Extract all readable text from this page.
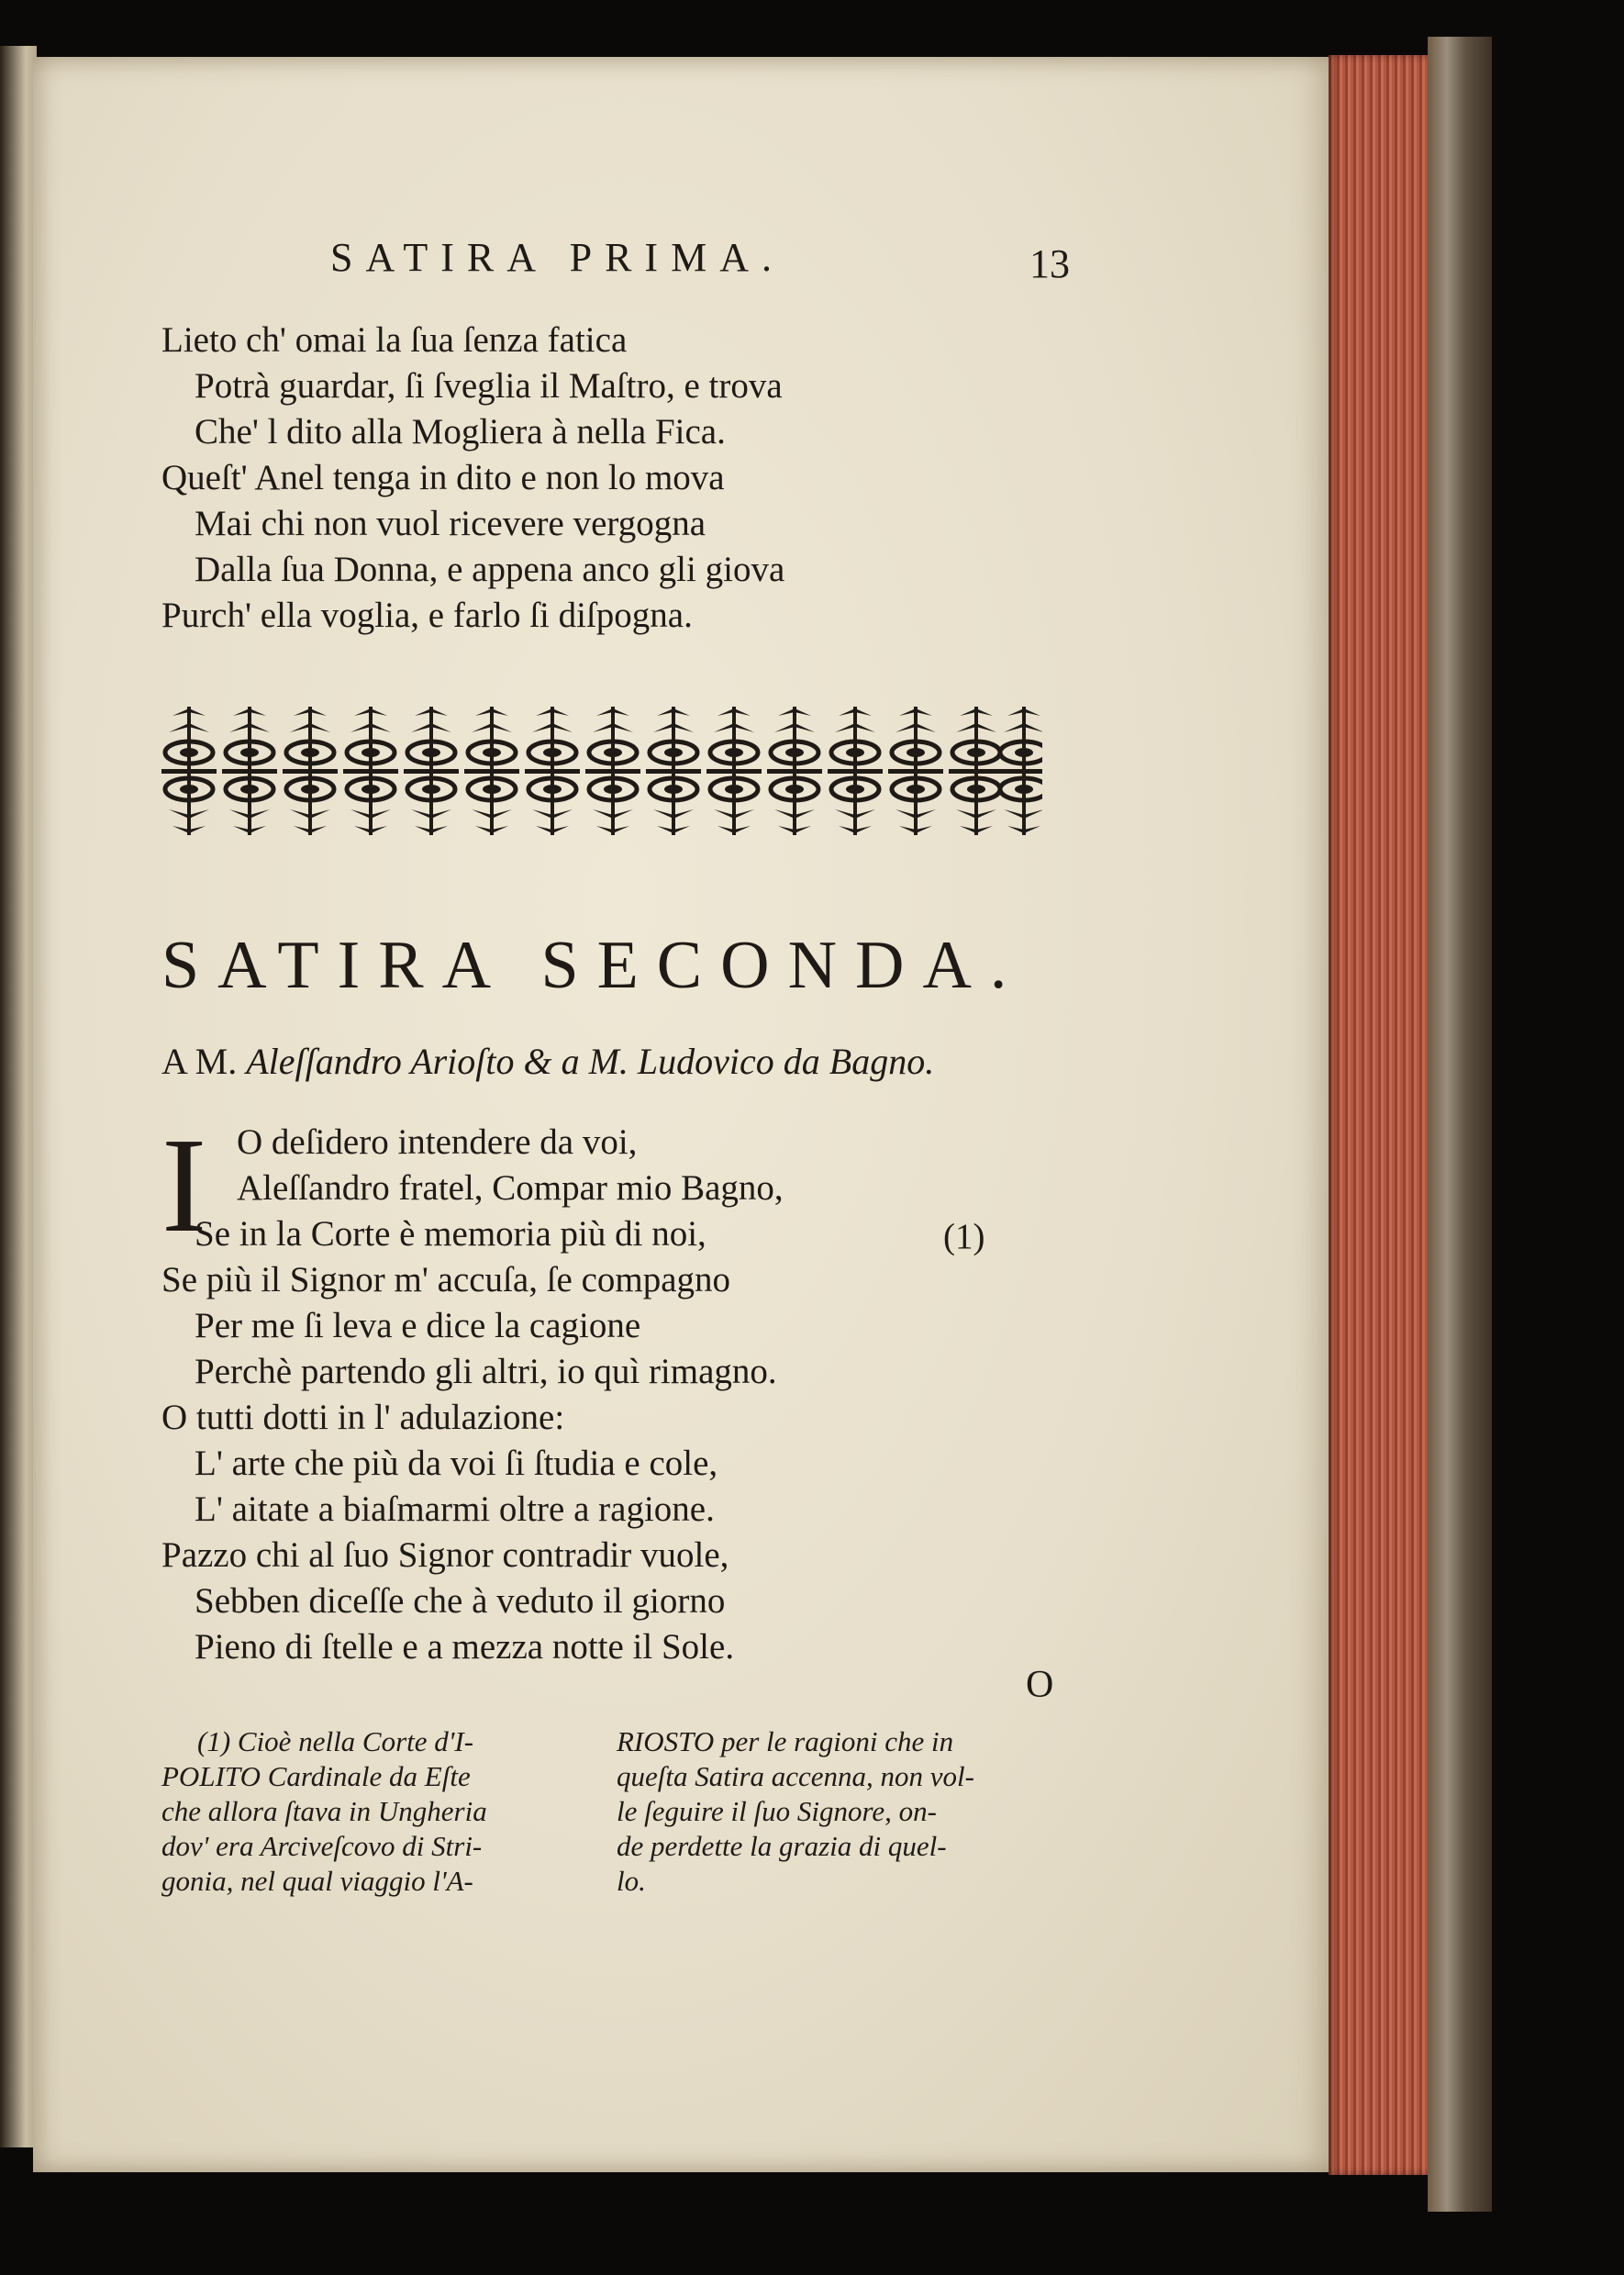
SATIRA PRIMA.	13
Lieto ch' omai la ſua ſenza fatica
Potrà guardar, ſi ſveglia il Maſtro, e trova
Che' l dito alla Mogliera à nella Fica.
Queſt' Anel tenga in dito e non lo mova
Mai chi non vuol ricevere vergogna
Dalla ſua Donna, e appena anco gli giova
Purch' ella voglia, e farlo ſi diſpogna.
SATIRA SECONDA.
A M. Aleſſandro Arioſto & a M. Ludovico da Bagno.
I O deſidero intendere da voi,
Aleſſandro fratel, Compar mio Bagno,
Se in la Corte è memoria più di noi,	(1)
Se più il Signor m' accuſa, ſe compagno
Per me ſi leva e dice la cagione
Perchè partendo gli altri, io quì rimagno.
O tutti dotti in l' adulazione:
L' arte che più da voi ſi ſtudia e cole,
L' aitate a biaſmarmi oltre a ragione.
Pazzo chi al ſuo Signor contradir vuole,
Sebben diceſſe che à veduto il giorno
Pieno di ſtelle e a mezza notte il Sole.
O
(1) Cioè nella Corte d'I-
POLITO Cardinale da Eſte
che allora ſtava in Ungheria
dov' era Arciveſcovo di Stri-
gonia, nel qual viaggio l'A-
RIOSTO per le ragioni che in
queſta Satira accenna, non vol-
le ſeguire il ſuo Signore, on-
de perdette la grazia di quel-
lo.
